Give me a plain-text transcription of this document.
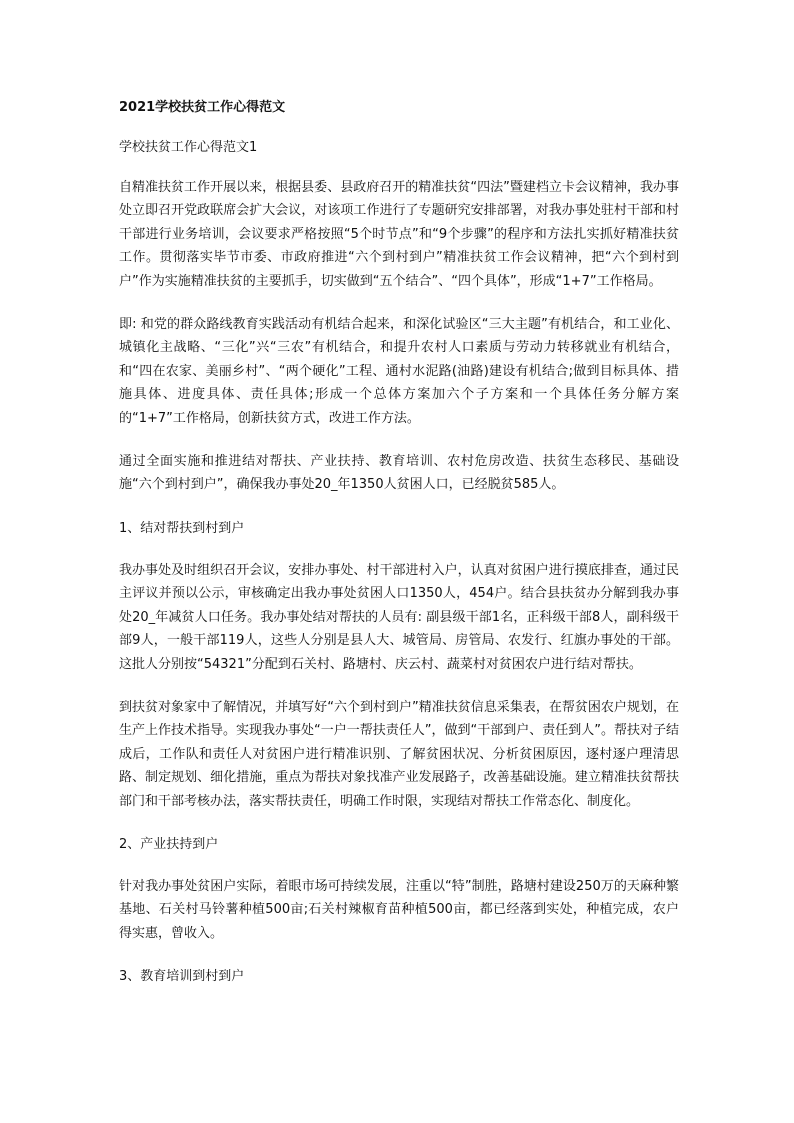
2021学校扶贫工作心得范文
学校扶贫工作心得范文1
自精准扶贫工作开展以来，根据县委、县政府召开的精准扶贫“四法”暨建档立卡会议精神，我办事处立即召开党政联席会扩大会议，对该项工作进行了专题研究安排部署，对我办事处驻村干部和村干部进行业务培训，会议要求严格按照“5个时节点”和“9个步骤”的程序和方法扎实抓好精准扶贫工作。贯彻落实毕节市委、市政府推进“六个到村到户”精准扶贫工作会议精神，把“六个到村到户”作为实施精准扶贫的主要抓手，切实做到“五个结合”、“四个具体”，形成“1+7”工作格局。
即: 和党的群众路线教育实践活动有机结合起来，和深化试验区“三大主题”有机结合，和工业化、城镇化主战略、“三化”兴“三农”有机结合，和提升农村人口素质与劳动力转移就业有机结合，和“四在农家、美丽乡村”、“两个硬化”工程、通村水泥路(油路)建设有机结合;做到目标具体、措施具体、进度具体、责任具体;形成一个总体方案加六个子方案和一个具体任务分解方案的“1+7”工作格局，创新扶贫方式，改进工作方法。
通过全面实施和推进结对帮扶、产业扶持、教育培训、农村危房改造、扶贫生态移民、基础设施“六个到村到户”，确保我办事处20_年1350人贫困人口，已经脱贫585人。
1、结对帮扶到村到户
我办事处及时组织召开会议，安排办事处、村干部进村入户，认真对贫困户进行摸底排查，通过民主评议并预以公示，审核确定出我办事处贫困人口1350人，454户。结合县扶贫办分解到我办事处20_年减贫人口任务。我办事处结对帮扶的人员有: 副县级干部1名，正科级干部8人，副科级干部9人，一般干部119人，这些人分别是县人大、城管局、房管局、农发行、红旗办事处的干部。这批人分别按“54321”分配到石关村、路塘村、庆云村、蔬菜村对贫困农户进行结对帮扶。
到扶贫对象家中了解情况，并填写好“六个到村到户”精准扶贫信息采集表，在帮贫困农户规划，在生产上作技术指导。实现我办事处“一户一帮扶责任人”，做到“干部到户、责任到人”。帮扶对子结成后，工作队和责任人对贫困户进行精准识别、了解贫困状况、分析贫困原因，逐村逐户理清思路、制定规划、细化措施，重点为帮扶对象找准产业发展路子，改善基础设施。建立精准扶贫帮扶部门和干部考核办法，落实帮扶责任，明确工作时限，实现结对帮扶工作常态化、制度化。
2、产业扶持到户
针对我办事处贫困户实际，着眼市场可持续发展，注重以“特”制胜，路塘村建设250万的天麻种繁基地、石关村马铃薯种植500亩;石关村辣椒育苗种植500亩，都已经落到实处，种植完成，农户得实惠，曾收入。
3、教育培训到村到户
